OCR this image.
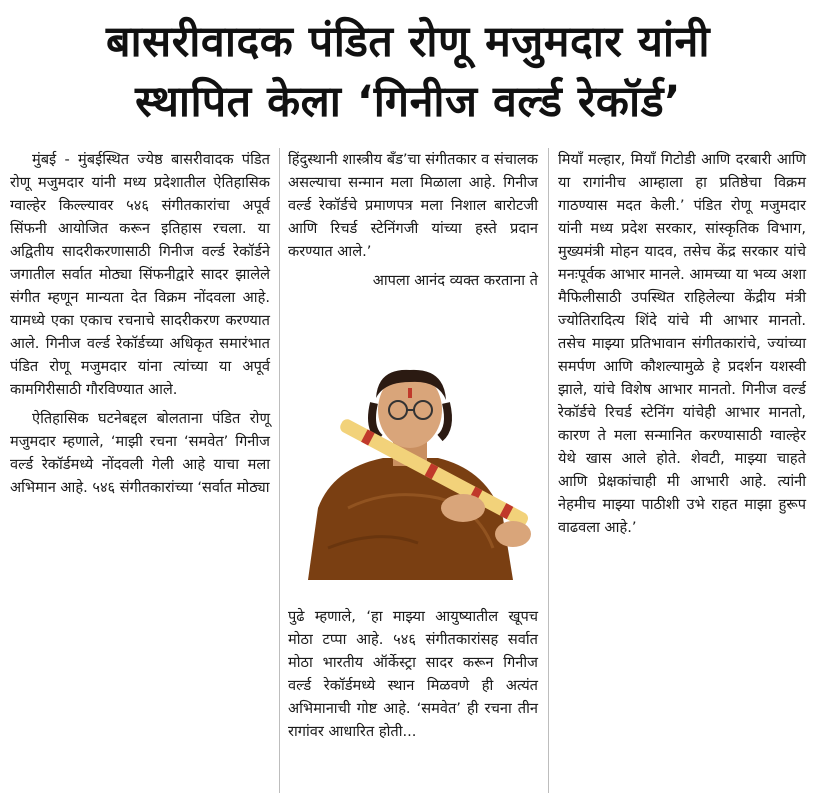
बासरीवादक पंडित रोणू मजुमदार यांनी
स्थापित केला ‘गिनीज वर्ल्ड रेकॉर्ड’

मुंबई - मुंबईस्थित ज्येष्ठ बासरीवादक पंडित रोणू मजुमदार यांनी मध्य प्रदेशातील ऐतिहासिक ग्वाल्हेर किल्ल्यावर ५४६ संगीतकारांचा अपूर्व सिंफनी आयोजित करून इतिहास रचला. या अद्वितीय सादरीकरणासाठी गिनीज वर्ल्ड रेकॉर्डने जगातील सर्वात मोठ्या सिंफनीद्वारे सादर झालेले संगीत म्हणून मान्यता देत विक्रम नोंदवला आहे. यामध्ये एका एकाच रचनाचे सादरीकरण करण्यात आले. गिनीज वर्ल्ड रेकॉर्डच्या अधिकृत समारंभात पंडित रोणू मजुमदार यांना त्यांच्या या अपूर्व कामगिरीसाठी गौरविण्यात आले.

ऐतिहासिक घटनेबद्दल बोलताना पंडित रोणू मजुमदार म्हणाले, ‘माझी रचना ‘समवेत’ गिनीज वर्ल्ड रेकॉर्डमध्ये नोंदवली गेली आहे याचा मला अभिमान आहे. ५४६ संगीतकारांच्या ‘सर्वात मोठ्या

हिंदुस्थानी शास्त्रीय बँड’चा संगीतकार व संचालक असल्याचा सन्मान मला मिळाला आहे. गिनीज वर्ल्ड रेकॉर्डचे प्रमाणपत्र मला निशाल बारोटजी आणि रिचर्ड स्टेनिंगजी यांच्या हस्ते प्रदान करण्यात आले.’

आपला आनंद व्यक्त करताना ते

पुढे म्हणाले, ‘हा माझ्या आयुष्यातील खूपच मोठा टप्पा आहे. ५४६ संगीतकारांसह सर्वात मोठा भारतीय ऑर्केस्ट्रा सादर करून गिनीज वर्ल्ड रेकॉर्डमध्ये स्थान मिळवणे ही अत्यंत अभिमानाची गोष्ट आहे. ‘समवेत’ ही रचना तीन रागांवर आधारित होती...

मियाँ मल्हार, मियाँ गिटोडी आणि दरबारी आणि या रागांनीच आम्हाला हा प्रतिष्ठेचा विक्रम गाठण्यास मदत केली.’ पंडित रोणू मजुमदार यांनी मध्य प्रदेश सरकार, सांस्कृतिक विभाग, मुख्यमंत्री मोहन यादव, तसेच केंद्र सरकार यांचे मनःपूर्वक आभार मानले. आमच्या या भव्य अशा मैफिलीसाठी उपस्थित राहिलेल्या केंद्रीय मंत्री ज्योतिरादित्य शिंदे यांचे मी आभार मानतो. तसेच माझ्या प्रतिभावान संगीतकारांचे, ज्यांच्या समर्पण आणि कौशल्यामुळे हे प्रदर्शन यशस्वी झाले, यांचे विशेष आभार मानतो. गिनीज वर्ल्ड रेकॉर्डचे रिचर्ड स्टेनिंग यांचेही आभार मानतो, कारण ते मला सन्मानित करण्यासाठी ग्वाल्हेर येथे खास आले होते. शेवटी, माझ्या चाहते आणि प्रेक्षकांचाही मी आभारी आहे. त्यांनी नेहमीच माझ्या पाठीशी उभे राहत माझा हुरूप वाढवला आहे.’
